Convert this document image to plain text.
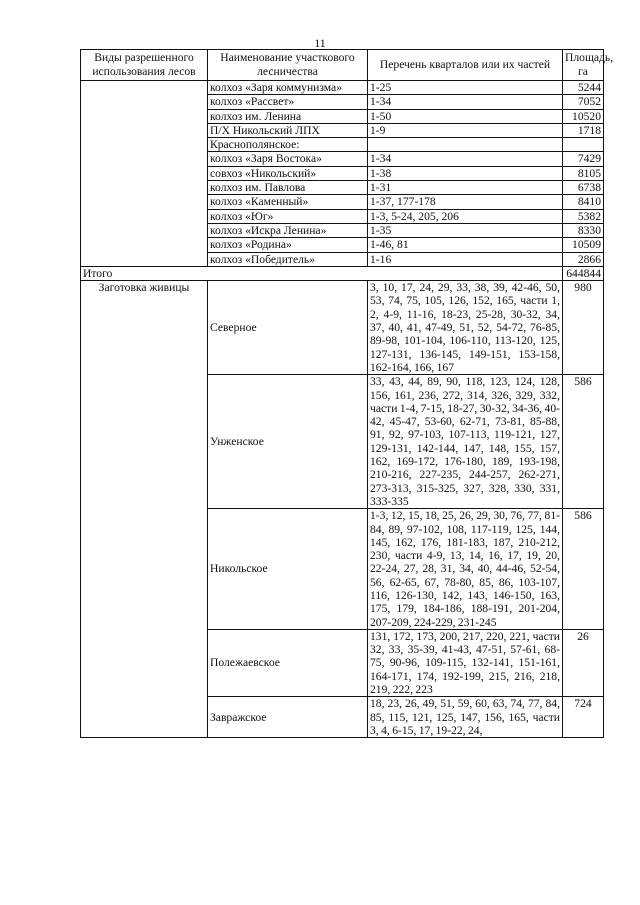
11
Виды разрешенного использования лесов	Наименование участкового лесничества	Перечень кварталов или их частей	Площадь, га
	колхоз «Заря коммунизма»	1-25	5244
	колхоз «Рассвет»	1-34	7052
	колхоз им. Ленина	1-50	10520
	П/Х Никольский ЛПХ	1-9	1718
	Краснополянское:		
	колхоз «Заря Востока»	1-34	7429
	совхоз «Никольский»	1-38	8105
	колхоз им. Павлова	1-31	6738
	колхоз «Каменный»	1-37, 177-178	8410
	колхоз «Юг»	1-3, 5-24, 205, 206	5382
	колхоз «Искра Ленина»	1-35	8330
	колхоз «Родина»	1-46, 81	10509
	колхоз «Победитель»	1-16	2866
Итого			644844
Заготовка живицы	Северное	3, 10, 17, 24, 29, 33, 38, 39, 42-46, 50, 53, 74, 75, 105, 126, 152, 165, части 1, 2, 4-9, 11-16, 18-23, 25-28, 30-32, 34, 37, 40, 41, 47-49, 51, 52, 54-72, 76-85, 89-98, 101-104, 106-110, 113-120, 125, 127-131, 136-145, 149-151, 153-158, 162-164, 166, 167	980
	Унженское	33, 43, 44, 89, 90, 118, 123, 124, 128, 156, 161, 236, 272, 314, 326, 329, 332, части 1-4, 7-15, 18-27, 30-32, 34-36, 40-42, 45-47, 53-60, 62-71, 73-81, 85-88, 91, 92, 97-103, 107-113, 119-121, 127, 129-131, 142-144, 147, 148, 155, 157, 162, 169-172, 176-180, 189, 193-198, 210-216, 227-235, 244-257, 262-271, 273-313, 315-325, 327, 328, 330, 331, 333-335	586
	Никольское	1-3, 12, 15, 18, 25, 26, 29, 30, 76, 77, 81-84, 89, 97-102, 108, 117-119, 125, 144, 145, 162, 176, 181-183, 187, 210-212, 230, части 4-9, 13, 14, 16, 17, 19, 20, 22-24, 27, 28, 31, 34, 40, 44-46, 52-54, 56, 62-65, 67, 78-80, 85, 86, 103-107, 116, 126-130, 142, 143, 146-150, 163, 175, 179, 184-186, 188-191, 201-204, 207-209, 224-229, 231-245	586
	Полежаевское	131, 172, 173, 200, 217, 220, 221, части 32, 33, 35-39, 41-43, 47-51, 57-61, 68-75, 90-96, 109-115, 132-141, 151-161, 164-171, 174, 192-199, 215, 216, 218, 219, 222, 223	26
	Завражское	18, 23, 26, 49, 51, 59, 60, 63, 74, 77, 84, 85, 115, 121, 125, 147, 156, 165, части 3, 4, 6-15, 17, 19-22, 24,	724
